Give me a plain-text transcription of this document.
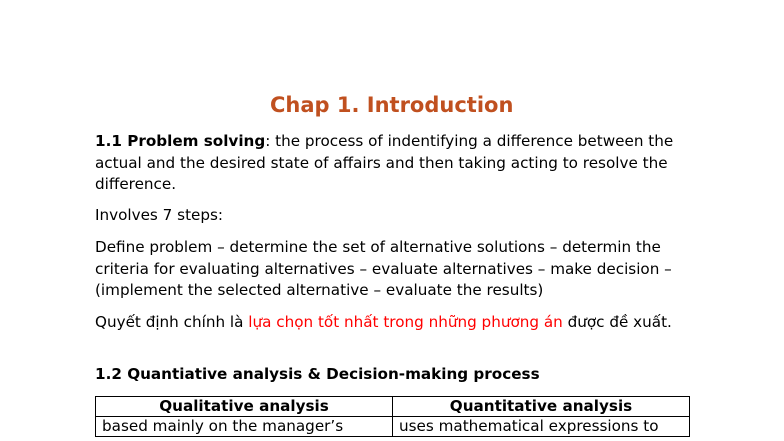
Chap 1. Introduction
1.1 Problem solving: the process of indentifying a difference between the actual and the desired state of affairs and then taking acting to resolve the difference.
Involves 7 steps:
Define problem – determine the set of alternative solutions – determin the criteria for evaluating alternatives – evaluate alternatives – make decision – (implement the selected alternative – evaluate the results)
Quyết định chính là lựa chọn tốt nhất trong những phương án được đề xuất.
1.2 Quantiative analysis & Decision-making process
Qualitative analysis	Quantitative analysis
based mainly on the manager’s	uses mathematical expressions to
